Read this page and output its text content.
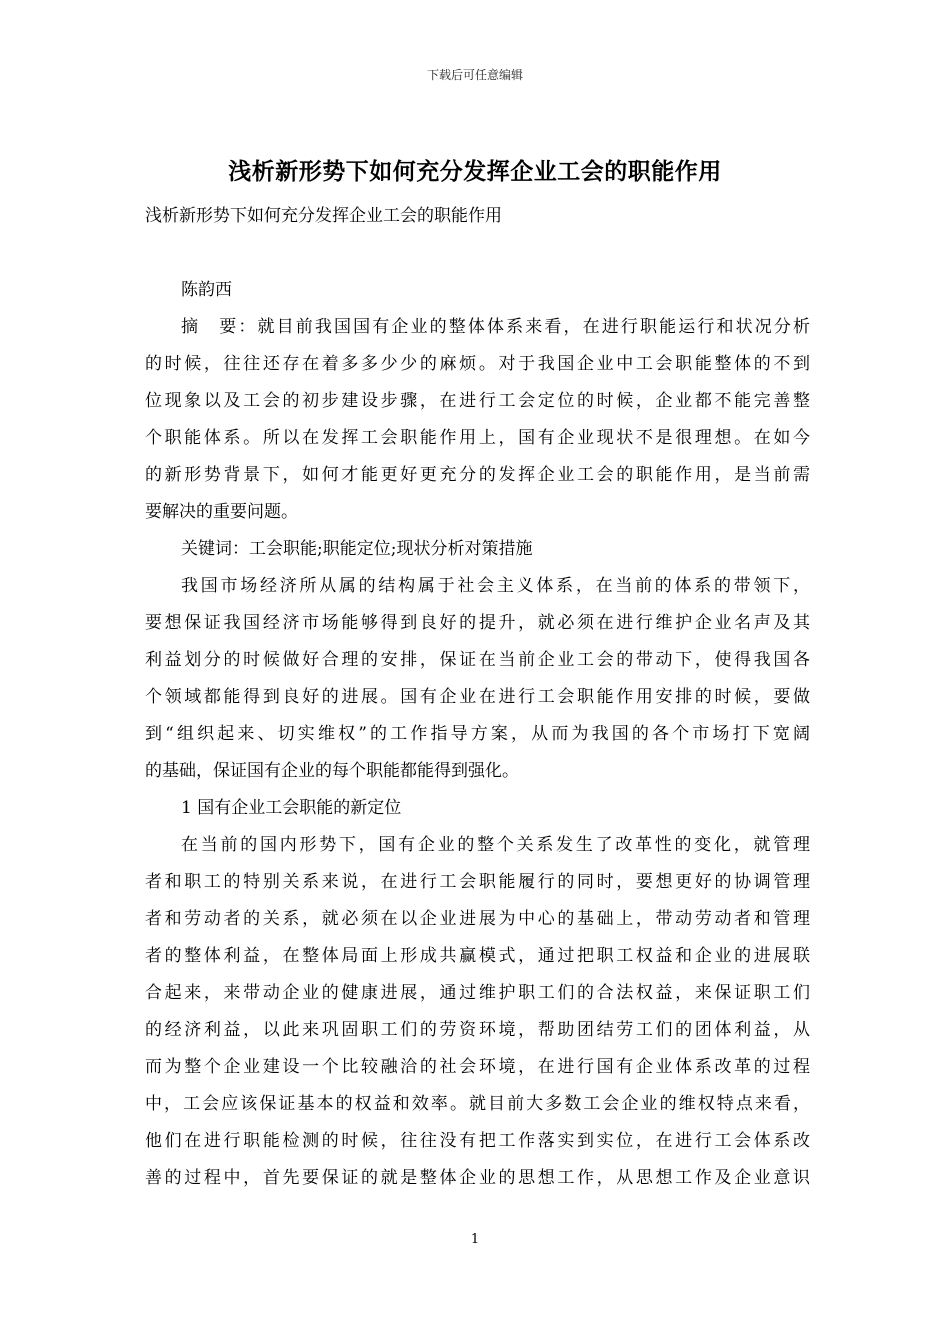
下载后可任意编辑
浅析新形势下如何充分发挥企业工会的职能作用
浅析新形势下如何充分发挥企业工会的职能作用
陈韵西
摘　要：就目前我国国有企业的整体体系来看，在进行职能运行和状况分析
的时候，往往还存在着多多少少的麻烦。对于我国企业中工会职能整体的不到
位现象以及工会的初步建设步骤，在进行工会定位的时候，企业都不能完善整
个职能体系。所以在发挥工会职能作用上，国有企业现状不是很理想。在如今
的新形势背景下，如何才能更好更充分的发挥企业工会的职能作用，是当前需
要解决的重要问题。
关键词：工会职能;职能定位;现状分析对策措施
我国市场经济所从属的结构属于社会主义体系，在当前的体系的带领下，
要想保证我国经济市场能够得到良好的提升，就必须在进行维护企业名声及其
利益划分的时候做好合理的安排，保证在当前企业工会的带动下，使得我国各
个领域都能得到良好的进展。国有企业在进行工会职能作用安排的时候，要做
到“组织起来、切实维权”的工作指导方案，从而为我国的各个市场打下宽阔
的基础，保证国有企业的每个职能都能得到强化。
1 国有企业工会职能的新定位
在当前的国内形势下，国有企业的整个关系发生了改革性的变化，就管理
者和职工的特别关系来说，在进行工会职能履行的同时，要想更好的协调管理
者和劳动者的关系，就必须在以企业进展为中心的基础上，带动劳动者和管理
者的整体利益，在整体局面上形成共赢模式，通过把职工权益和企业的进展联
合起来，来带动企业的健康进展，通过维护职工们的合法权益，来保证职工们
的经济利益，以此来巩固职工们的劳资环境，帮助团结劳工们的团体利益，从
而为整个企业建设一个比较融洽的社会环境，在进行国有企业体系改革的过程
中，工会应该保证基本的权益和效率。就目前大多数工会企业的维权特点来看，
他们在进行职能检测的时候，往往没有把工作落实到实位，在进行工会体系改
善的过程中，首先要保证的就是整体企业的思想工作，从思想工作及企业意识
1
